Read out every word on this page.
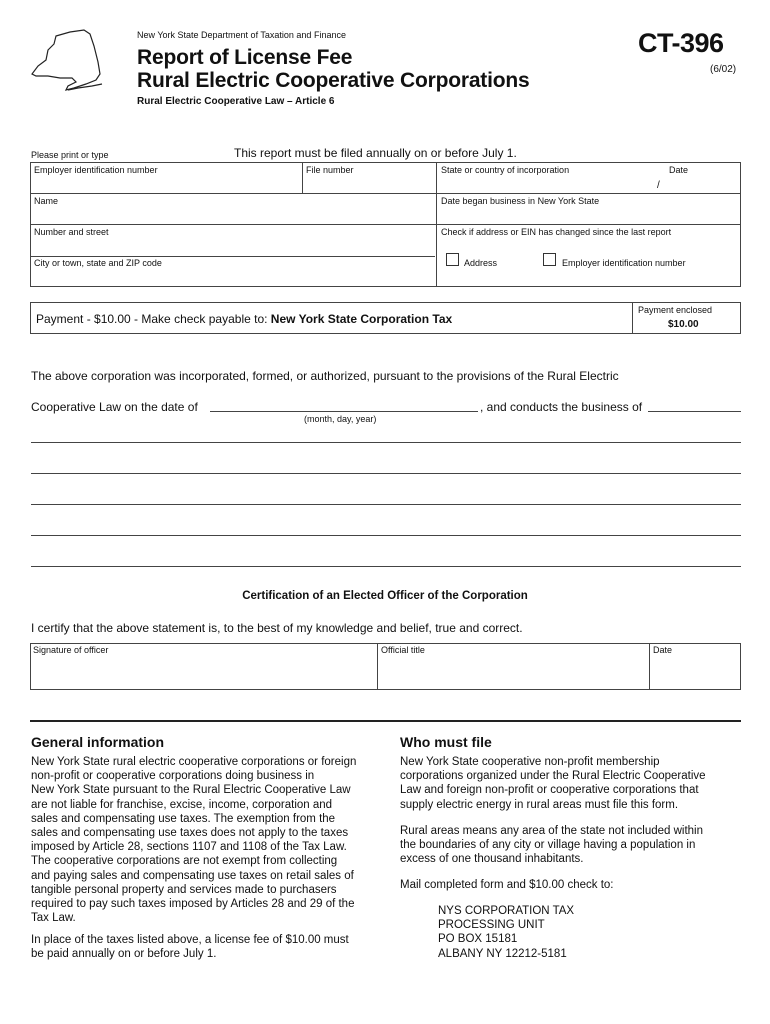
New York State Department of Taxation and Finance
Report of License Fee
Rural Electric Cooperative Corporations
Rural Electric Cooperative Law – Article 6
CT-396
(6/02)
Please print or type	This report must be filed annually on or before July 1.
Employer identification number	File number	State or country of incorporation	Date
/
Name	Date began business in New York State
Number and street	Check if address or EIN has changed since the last report
City or town, state and ZIP code	Address	Employer identification number
Payment - $10.00 - Make check payable to: New York State Corporation Tax
Payment enclosed
$10.00
The above corporation was incorporated, formed, or authorized, pursuant to the provisions of the Rural Electric
Cooperative Law on the date of	, and conducts the business of
(month, day, year)
Certification of an Elected Officer of the Corporation
I certify that the above statement is, to the best of my knowledge and belief, true and correct.
Signature of officer	Official title	Date
General information

New York State rural electric cooperative corporations or foreign

non-profit or cooperative corporations doing business in

New York State pursuant to the Rural Electric Cooperative Law

are not liable for franchise, excise, income, corporation and

sales and compensating use taxes. The exemption from the

sales and compensating use taxes does not apply to the taxes

imposed by Article 28, sections 1107 and 1108 of the Tax Law.

The cooperative corporations are not exempt from collecting

and paying sales and compensating use taxes on retail sales of

tangible personal property and services made to purchasers

required to pay such taxes imposed by Articles 28 and 29 of the

Tax Law.

In place of the taxes listed above, a license fee of $10.00 must

be paid annually on or before July 1.

Who must file

New York State cooperative non-profit membership

corporations organized under the Rural Electric Cooperative

Law and foreign non-profit or cooperative corporations that

supply electric energy in rural areas must file this form.

Rural areas means any area of the state not included within

the boundaries of any city or village having a population in

excess of one thousand inhabitants.

Mail completed form and $10.00 check to:

NYS CORPORATION TAX

PROCESSING UNIT

PO BOX 15181

ALBANY NY 12212-5181
